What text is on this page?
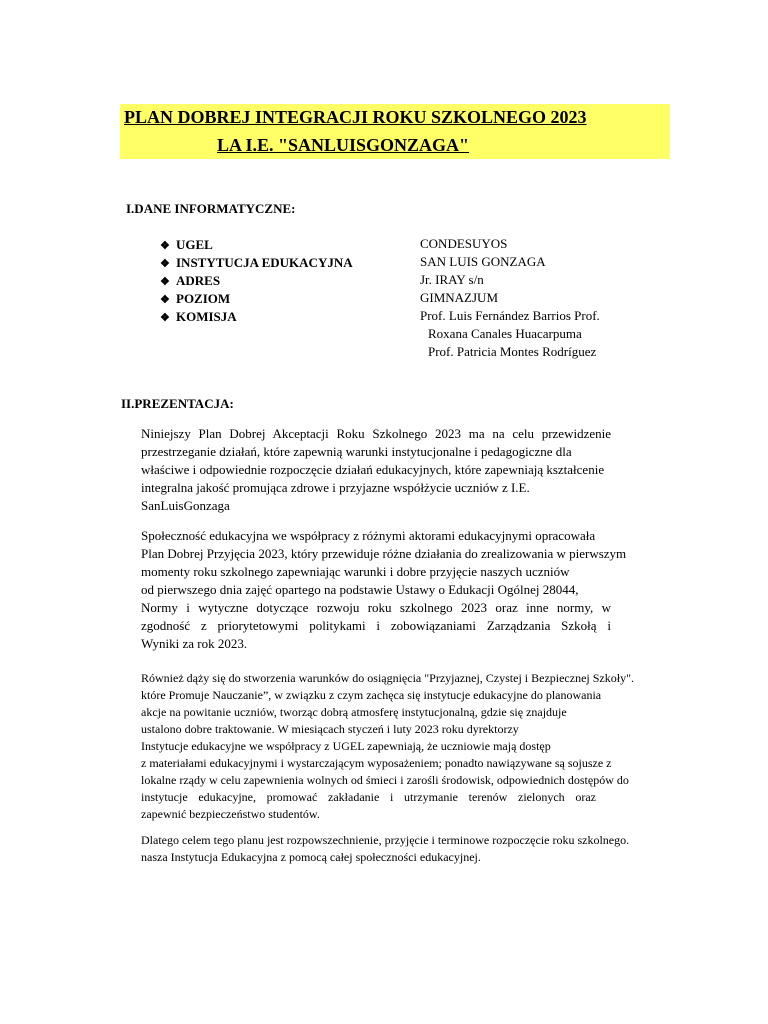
PLAN DOBREJ INTEGRACJI ROKU SZKOLNEGO 2023
LA I.E. "SANLUISGONZAGA"
I.DANE INFORMATYCZNE:
❖ UGEL
❖ INSTYTUCJA EDUKACYJNA
❖ ADRES
❖ POZIOM
❖ KOMISJA
CONDESUYOS
SAN LUIS GONZAGA
Jr. IRAY s/n
GIMNAZJUM
Prof. Luis Fernández Barrios Prof.
Roxana Canales Huacarpuma
Prof. Patricia Montes Rodríguez
II.PREZENTACJA:
Niniejszy Plan Dobrej Akceptacji Roku Szkolnego 2023 ma na celu przewidzenie
przestrzeganie działań, które zapewnią warunki instytucjonalne i pedagogiczne dla
właściwe i odpowiednie rozpoczęcie działań edukacyjnych, które zapewniają kształcenie
integralna jakość promująca zdrowe i przyjazne współżycie uczniów z I.E.
SanLuisGonzaga
Społeczność edukacyjna we współpracy z różnymi aktorami edukacyjnymi opracowała
Plan Dobrej Przyjęcia 2023, który przewiduje różne działania do zrealizowania w pierwszym
momenty roku szkolnego zapewniając warunki i dobre przyjęcie naszych uczniów
od pierwszego dnia zajęć opartego na podstawie Ustawy o Edukacji Ogólnej 28044,
Normy i wytyczne dotyczące rozwoju roku szkolnego 2023 oraz inne normy, w
zgodność z priorytetowymi politykami i zobowiązaniami Zarządzania Szkołą i
Wyniki za rok 2023.
Również dąży się do stworzenia warunków do osiągnięcia "Przyjaznej, Czystej i Bezpiecznej Szkoły".
które Promuje Nauczanie”, w związku z czym zachęca się instytucje edukacyjne do planowania
akcje na powitanie uczniów, tworząc dobrą atmosferę instytucjonalną, gdzie się znajduje
ustalono dobre traktowanie. W miesiącach styczeń i luty 2023 roku dyrektorzy
Instytucje edukacyjne we współpracy z UGEL zapewniają, że uczniowie mają dostęp
z materiałami edukacyjnymi i wystarczającym wyposażeniem; ponadto nawiązywane są sojusze z
lokalne rządy w celu zapewnienia wolnych od śmieci i zarośli środowisk, odpowiednich dostępów do
instytucje edukacyjne, promować zakładanie i utrzymanie terenów zielonych oraz
zapewnić bezpieczeństwo studentów.
Dlatego celem tego planu jest rozpowszechnienie, przyjęcie i terminowe rozpoczęcie roku szkolnego.
nasza Instytucja Edukacyjna z pomocą całej społeczności edukacyjnej.
